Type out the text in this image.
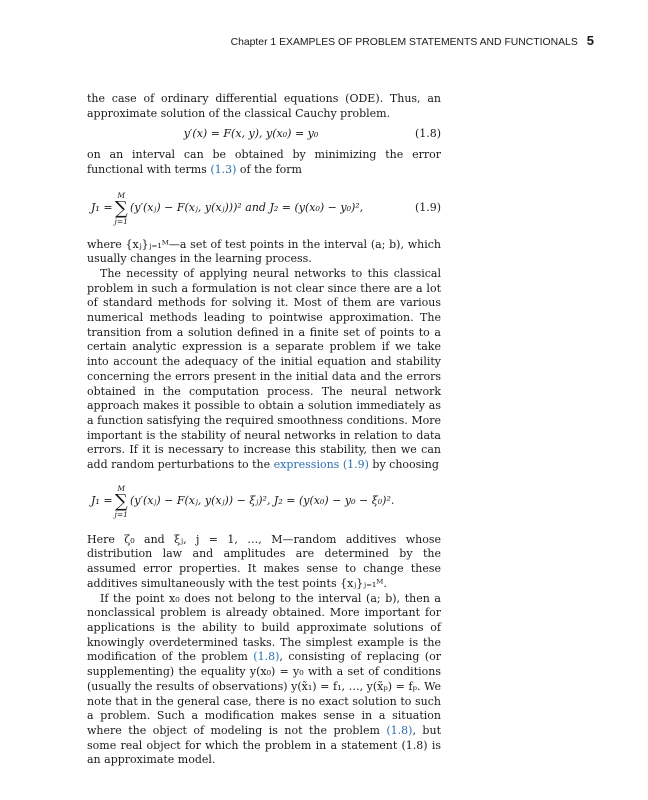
Chapter 1 EXAMPLES OF PROBLEM STATEMENTS AND FUNCTIONALS 5

the case of ordinary differential equations (ODE). Thus, an approximate solution of the classical Cauchy problem.

y′(x) = F(x, y), y(x₀) = y₀	(1.8)

on an interval can be obtained by minimizing the error functional with terms (1.3) of the form

J₁ =
M
∑
j=1
(y′(xⱼ) − F(xⱼ, y(xⱼ)))² and J₂ = (y(x₀) − y₀)²,	(1.9)

where {xⱼ}ⱼ₌₁ᴹ—a set of test points in the interval (a; b), which usually changes in the learning process.

The necessity of applying neural networks to this classical problem in such a formulation is not clear since there are a lot of standard methods for solving it. Most of them are various numerical methods leading to pointwise approximation. The transition from a solution defined in a finite set of points to a certain analytic expression is a separate problem if we take into account the adequacy of the initial equation and stability concerning the errors present in the initial data and the errors obtained in the computation process. The neural network approach makes it possible to obtain a solution immediately as a function satisfying the required smoothness conditions. More important is the stability of neural networks in relation to data errors. If it is necessary to increase this stability, then we can add random perturbations to the expressions (1.9) by choosing

J₁ =
M
∑
j=1
(y′(xⱼ) − F(xⱼ, y(xⱼ)) − ξⱼ)², J₂ = (y(x₀) − y₀ − ξ₀)².

Here ζ₀ and ξⱼ, j = 1, …, M—random additives whose distribution law and amplitudes are determined by the assumed error properties. It makes sense to change these additives simultaneously with the test points {xⱼ}ⱼ₌₁ᴹ.

If the point x₀ does not belong to the interval (a; b), then a nonclassical problem is already obtained. More important for applications is the ability to build approximate solutions of knowingly overdetermined tasks. The simplest example is the modification of the problem (1.8), consisting of replacing (or supplementing) the equality y(x₀) = y₀ with a set of conditions (usually the results of observations) y(x̃₁) = f₁, …, y(x̃ₚ) = fₚ. We note that in the general case, there is no exact solution to such a problem. Such a modification makes sense in a situation where the object of modeling is not the problem (1.8), but some real object for which the problem in a statement (1.8) is an approximate model.
